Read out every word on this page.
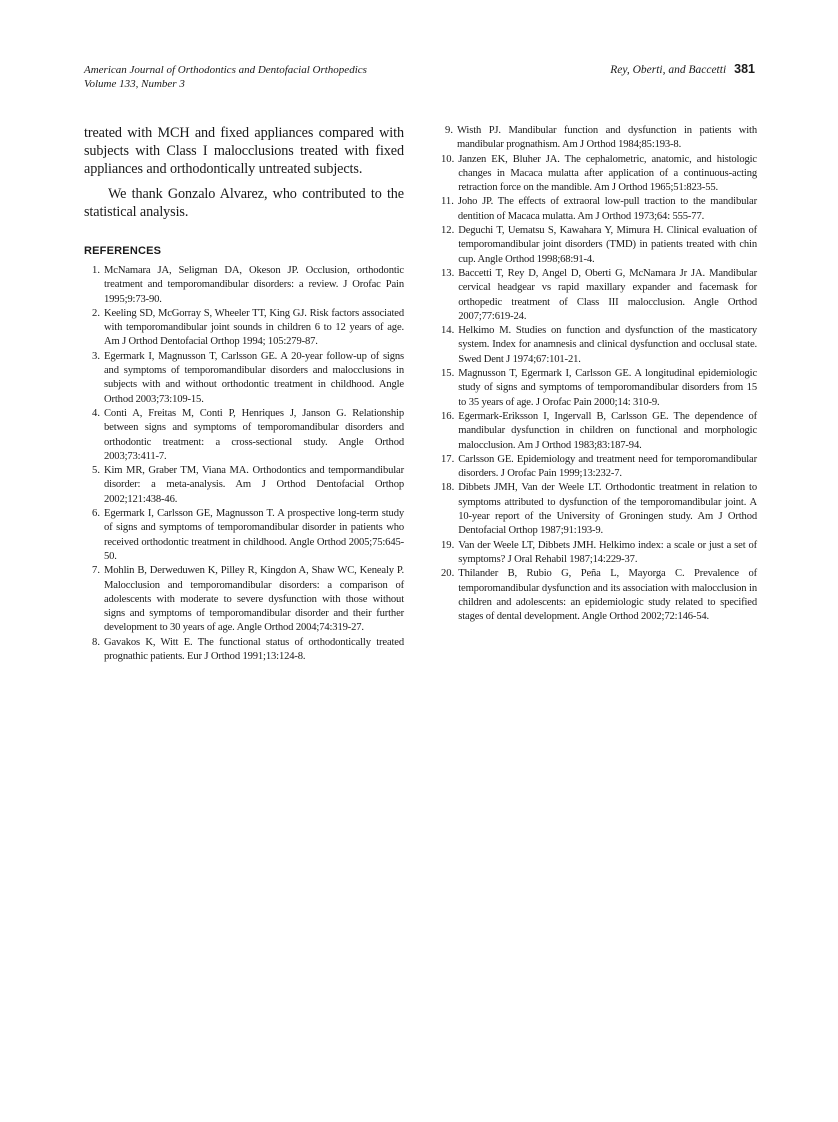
American Journal of Orthodontics and Dentofacial Orthopedics
Volume 133, Number 3
Rey, Oberti, and Baccetti 381

treated with MCH and fixed appliances compared with subjects with Class I malocclusions treated with fixed appliances and orthodontically untreated subjects.

We thank Gonzalo Alvarez, who contributed to the statistical analysis.

REFERENCES
1. McNamara JA, Seligman DA, Okeson JP. Occlusion, orthodontic treatment and temporomandibular disorders: a review. J Orofac Pain 1995;9:73-90.
2. Keeling SD, McGorray S, Wheeler TT, King GJ. Risk factors associated with temporomandibular joint sounds in children 6 to 12 years of age. Am J Orthod Dentofacial Orthop 1994; 105:279-87.
3. Egermark I, Magnusson T, Carlsson GE. A 20-year follow-up of signs and symptoms of temporomandibular disorders and malocclusions in subjects with and without orthodontic treatment in childhood. Angle Orthod 2003;73:109-15.
4. Conti A, Freitas M, Conti P, Henriques J, Janson G. Relationship between signs and symptoms of temporomandibular disorders and orthodontic treatment: a cross-sectional study. Angle Orthod 2003;73:411-7.
5. Kim MR, Graber TM, Viana MA. Orthodontics and tempormandibular disorder: a meta-analysis. Am J Orthod Dentofacial Orthop 2002;121:438-46.
6. Egermark I, Carlsson GE, Magnusson T. A prospective long-term study of signs and symptoms of temporomandibular disorder in patients who received orthodontic treatment in childhood. Angle Orthod 2005;75:645-50.
7. Mohlin B, Derweduwen K, Pilley R, Kingdon A, Shaw WC, Kenealy P. Malocclusion and temporomandibular disorders: a comparison of adolescents with moderate to severe dysfunction with those without signs and symptoms of temporomandibular disorder and their further development to 30 years of age. Angle Orthod 2004;74:319-27.
8. Gavakos K, Witt E. The functional status of orthodontically treated prognathic patients. Eur J Orthod 1991;13:124-8.
9. Wisth PJ. Mandibular function and dysfunction in patients with mandibular prognathism. Am J Orthod 1984;85:193-8.
10. Janzen EK, Bluher JA. The cephalometric, anatomic, and histologic changes in Macaca mulatta after application of a continuous-acting retraction force on the mandible. Am J Orthod 1965;51:823-55.
11. Joho JP. The effects of extraoral low-pull traction to the mandibular dentition of Macaca mulatta. Am J Orthod 1973;64: 555-77.
12. Deguchi T, Uematsu S, Kawahara Y, Mimura H. Clinical evaluation of temporomandibular joint disorders (TMD) in patients treated with chin cup. Angle Orthod 1998;68:91-4.
13. Baccetti T, Rey D, Angel D, Oberti G, McNamara Jr JA. Mandibular cervical headgear vs rapid maxillary expander and facemask for orthopedic treatment of Class III malocclusion. Angle Orthod 2007;77:619-24.
14. Helkimo M. Studies on function and dysfunction of the masticatory system. Index for anamnesis and clinical dysfunction and occlusal state. Swed Dent J 1974;67:101-21.
15. Magnusson T, Egermark I, Carlsson GE. A longitudinal epidemiologic study of signs and symptoms of temporomandibular disorders from 15 to 35 years of age. J Orofac Pain 2000;14: 310-9.
16. Egermark-Eriksson I, Ingervall B, Carlsson GE. The dependence of mandibular dysfunction in children on functional and morphologic malocclusion. Am J Orthod 1983;83:187-94.
17. Carlsson GE. Epidemiology and treatment need for temporomandibular disorders. J Orofac Pain 1999;13:232-7.
18. Dibbets JMH, Van der Weele LT. Orthodontic treatment in relation to symptoms attributed to dysfunction of the temporomandibular joint. A 10-year report of the University of Groningen study. Am J Orthod Dentofacial Orthop 1987;91:193-9.
19. Van der Weele LT, Dibbets JMH. Helkimo index: a scale or just a set of symptoms? J Oral Rehabil 1987;14:229-37.
20. Thilander B, Rubio G, Peña L, Mayorga C. Prevalence of temporomandibular dysfunction and its association with malocclusion in children and adolescents: an epidemiologic study related to specified stages of dental development. Angle Orthod 2002;72:146-54.
